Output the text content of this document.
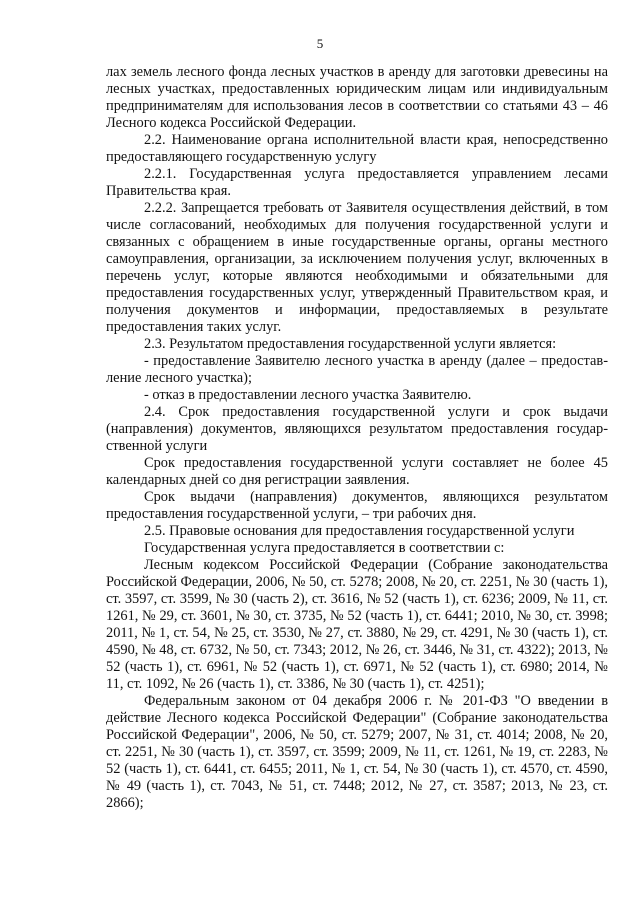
5

лах земель лесного фонда лесных участков в аренду для заготовки древесины на лесных участках, предоставленных юридическим лицам или индивидуальным предпринимателям для использования лесов в соответствии со статьями 43 – 46 Лесного кодекса Российской Федерации.

2.2. Наименование органа исполнительной власти края, непосредственно предоставляющего государственную услугу

2.2.1. Государственная услуга предоставляется управлением лесами Правительства края.

2.2.2. Запрещается требовать от Заявителя осуществления действий, в том числе согласований, необходимых для получения государственной услуги и связанных с обращением в иные государственные органы, органы местного самоуправления, организации, за исключением получения услуг, включенных в перечень услуг, которые являются необходимыми и обязательными для предоставления государственных услуг, утвержденный Правительством края, и получения документов и информации, предоставляемых в результате предоставления таких услуг.

2.3. Результатом предоставления государственной услуги является:

- предоставление Заявителю лесного участка в аренду (далее – предоставление лесного участка);

- отказ в предоставлении лесного участка Заявителю.

2.4. Срок предоставления государственной услуги и срок выдачи (направления) документов, являющихся результатом предоставления государственной услуги

Срок предоставления государственной услуги составляет не более 45 календарных дней со дня регистрации заявления.

Срок выдачи (направления) документов, являющихся результатом предоставления государственной услуги, – три рабочих дня.

2.5. Правовые основания для предоставления государственной услуги

Государственная услуга предоставляется в соответствии с:

Лесным кодексом Российской Федерации (Собрание законодательства Российской Федерации, 2006, № 50, ст. 5278; 2008, № 20, ст. 2251, № 30 (часть 1), ст. 3597, ст. 3599, № 30 (часть 2), ст. 3616, № 52 (часть 1), ст. 6236; 2009, № 11, ст. 1261, № 29, ст. 3601, № 30, ст. 3735, № 52 (часть 1), ст. 6441; 2010, № 30, ст. 3998; 2011, № 1, ст. 54, № 25, ст. 3530, № 27, ст. 3880, № 29, ст. 4291, № 30 (часть 1), ст. 4590, № 48, ст. 6732, № 50, ст. 7343; 2012, № 26, ст. 3446, № 31, ст. 4322); 2013, № 52 (часть 1), ст. 6961, № 52 (часть 1), ст. 6971, № 52 (часть 1), ст. 6980; 2014, № 11, ст. 1092, № 26 (часть 1), ст. 3386, № 30 (часть 1), ст. 4251);

Федеральным законом от 04 декабря 2006 г. № 201-ФЗ "О введении в действие Лесного кодекса Российской Федерации" (Собрание законодательства Российской Федерации", 2006, № 50, ст. 5279; 2007, № 31, ст. 4014; 2008, № 20, ст. 2251, № 30 (часть 1), ст. 3597, ст. 3599; 2009, № 11, ст. 1261, № 19, ст. 2283, № 52 (часть 1), ст. 6441, ст. 6455; 2011, № 1, ст. 54, № 30 (часть 1), ст. 4570, ст. 4590, № 49 (часть 1), ст. 7043, № 51, ст. 7448; 2012, № 27, ст. 3587; 2013, № 23, ст. 2866);
